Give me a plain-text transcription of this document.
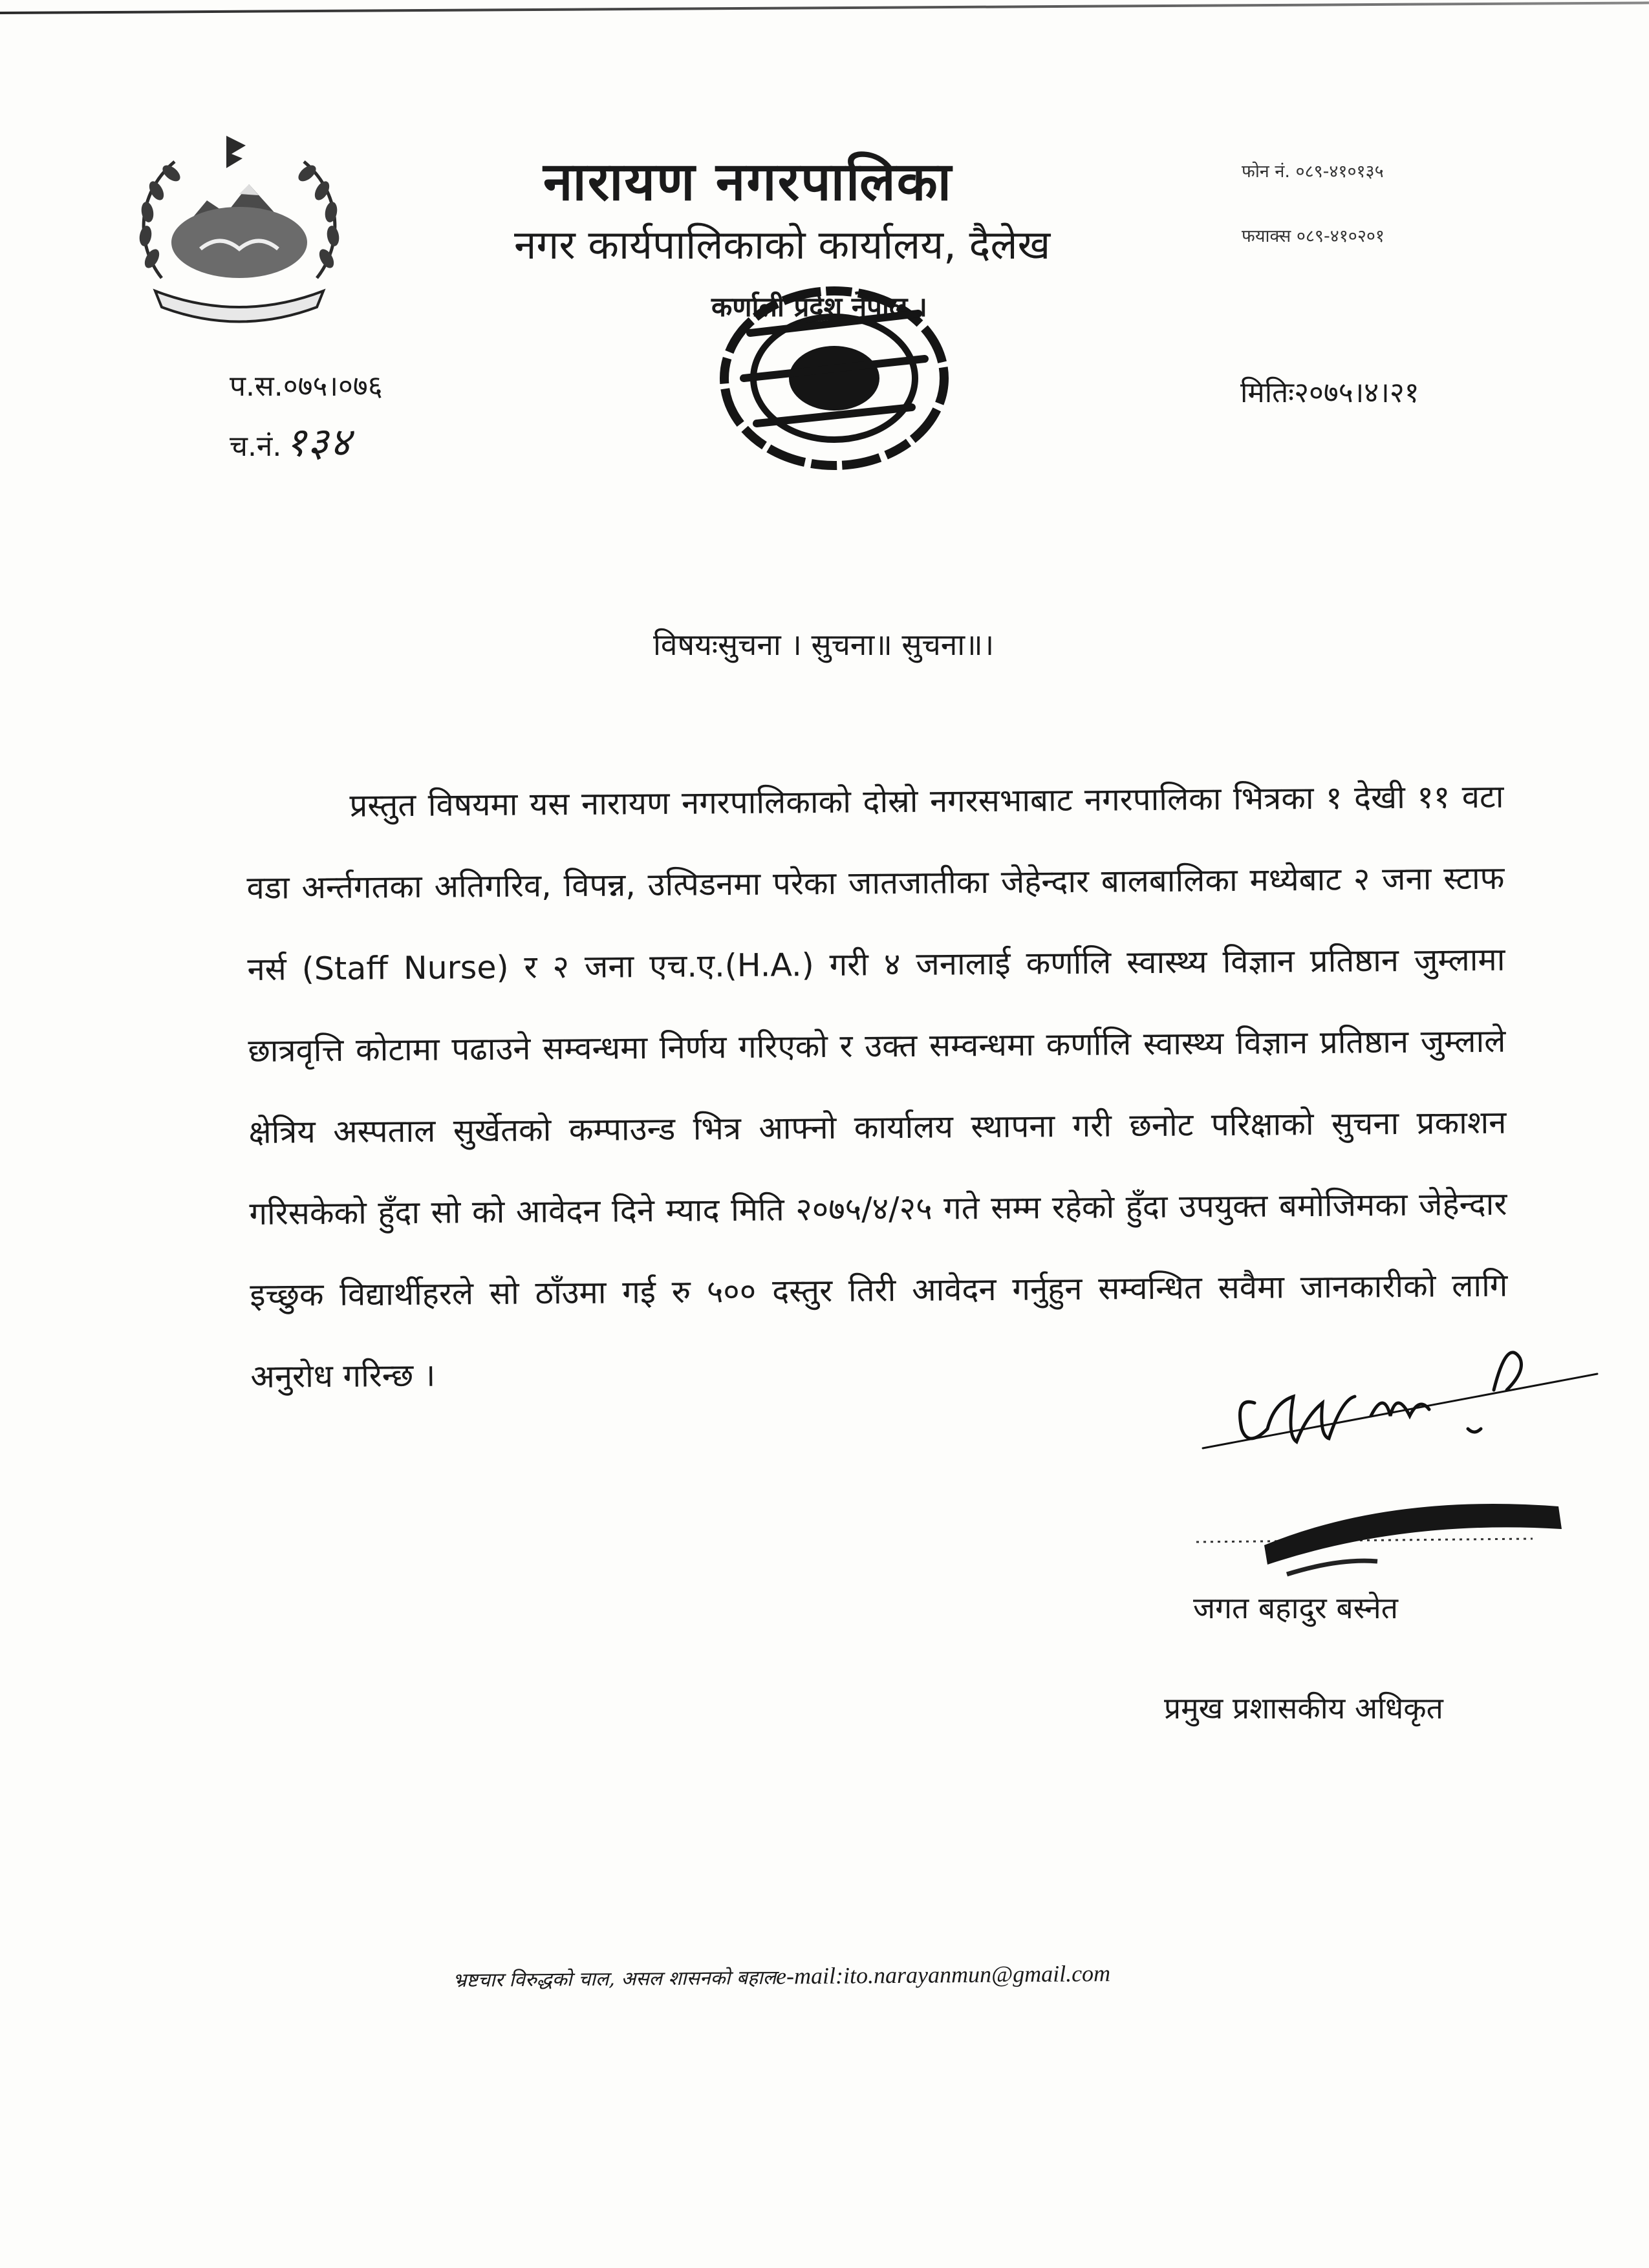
नारायण नगरपालिका
नगर कार्यपालिकाको कार्यालय, दैलेख
कर्णाली प्रदेश नेपाल ।
फोन नं. ०८९-४१०१३५
फयाक्स ०८९-४१०२०१
प.स.०७५।०७६
च.नं.१३४
मितिः२०७५।४।२१
विषयःसुचना । सुचना॥ सुचना॥।
प्रस्तुत विषयमा यस नारायण नगरपालिकाको दोस्रो नगरसभाबाट नगरपालिका भित्रका १ देखी ११ वटा वडा अर्न्तगतका अतिगरिव, विपन्न, उत्पिडनमा परेका जातजातीका जेहेन्दार बालबालिका मध्येबाट २ जना स्टाफ नर्स (Staff Nurse) र २ जना एच.ए.(H.A.) गरी ४ जनालाई कर्णालि स्वास्थ्य विज्ञान प्रतिष्ठान जुम्लामा छात्रवृत्ति कोटामा पढाउने सम्वन्धमा निर्णय गरिएको र उक्त सम्वन्धमा कर्णालि स्वास्थ्य विज्ञान प्रतिष्ठान जुम्लाले क्षेत्रिय अस्पताल सुर्खेतको कम्पाउन्ड भित्र आफ्नो कार्यालय स्थापना गरी छनोट परिक्षाको सुचना प्रकाशन गरिसकेको हुँदा सो को आवेदन दिने म्याद मिति २०७५/४/२५ गते सम्म रहेको हुँदा उपयुक्त बमोजिमका जेहेन्दार इच्छुक विद्यार्थीहरले सो ठाँउमा गई रु ५०० दस्तुर तिरी आवेदन गर्नुहुन सम्वन्धित सवैमा जानकारीको लागि अनुरोध गरिन्छ ।
जगत बहादुर बस्नेत
प्रमुख प्रशासकीय अधिकृत
भ्रष्टचार विरुद्धको चाल, असल शासनको बहालe-mail:ito.narayanmun@gmail.com
